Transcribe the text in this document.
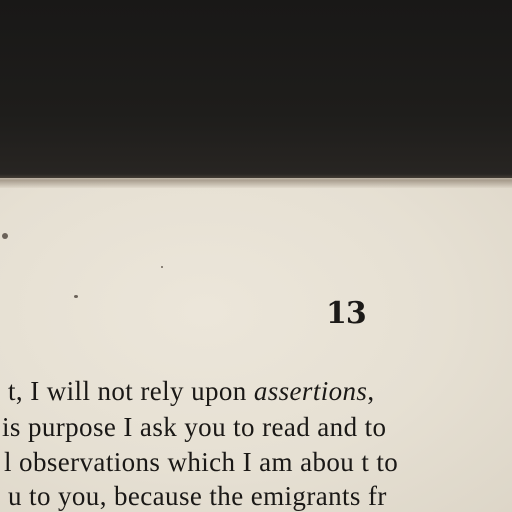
13
t, I will not rely upon assertions,
is purpose I ask you to read and to
l observations which I am abou t to
u to you, because the emigrants fr
